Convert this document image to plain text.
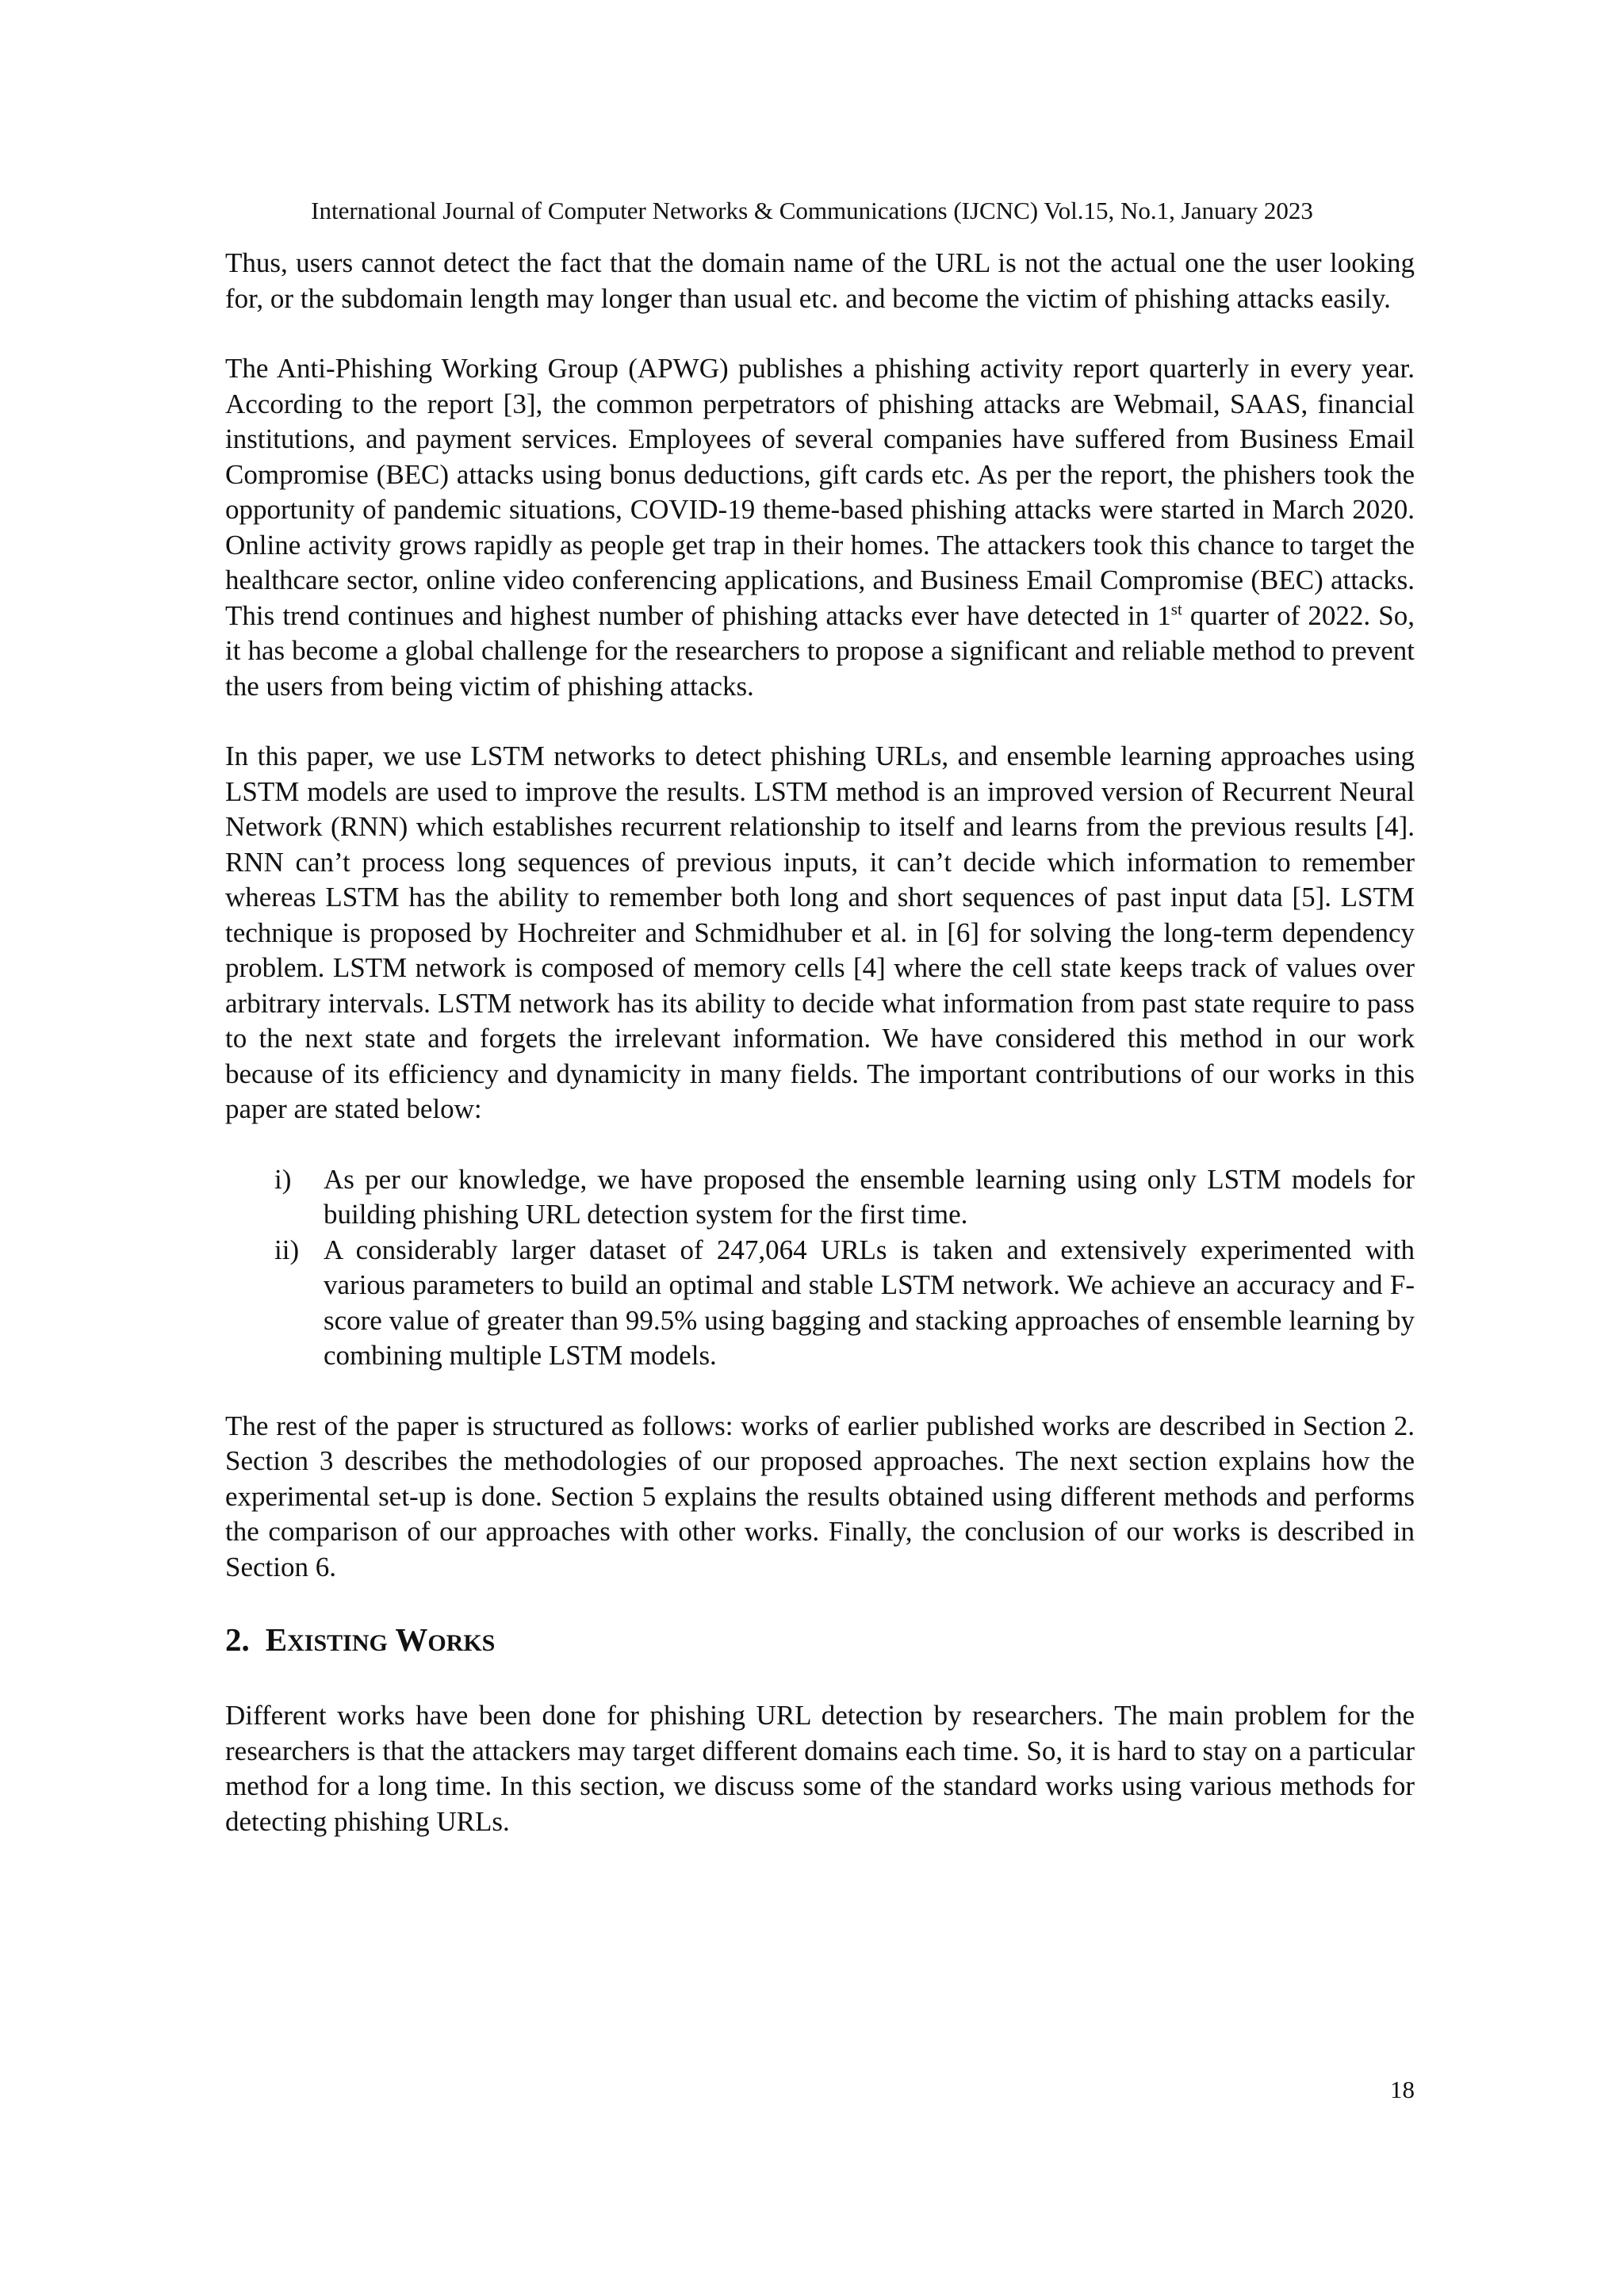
International Journal of Computer Networks & Communications (IJCNC) Vol.15, No.1, January 2023

Thus, users cannot detect the fact that the domain name of the URL is not the actual one the user looking for, or the subdomain length may longer than usual etc. and become the victim of phishing attacks easily.

The Anti-Phishing Working Group (APWG) publishes a phishing activity report quarterly in every year. According to the report [3], the common perpetrators of phishing attacks are Webmail, SAAS, financial institutions, and payment services. Employees of several companies have suffered from Business Email Compromise (BEC) attacks using bonus deductions, gift cards etc. As per the report, the phishers took the opportunity of pandemic situations, COVID-19 theme-based phishing attacks were started in March 2020. Online activity grows rapidly as people get trap in their homes. The attackers took this chance to target the healthcare sector, online video conferencing applications, and Business Email Compromise (BEC) attacks. This trend continues and highest number of phishing attacks ever have detected in 1st quarter of 2022. So, it has become a global challenge for the researchers to propose a significant and reliable method to prevent the users from being victim of phishing attacks.

In this paper, we use LSTM networks to detect phishing URLs, and ensemble learning approaches using LSTM models are used to improve the results. LSTM method is an improved version of Recurrent Neural Network (RNN) which establishes recurrent relationship to itself and learns from the previous results [4]. RNN can’t process long sequences of previous inputs, it can’t decide which information to remember whereas LSTM has the ability to remember both long and short sequences of past input data [5]. LSTM technique is proposed by Hochreiter and Schmidhuber et al. in [6] for solving the long-term dependency problem. LSTM network is composed of memory cells [4] where the cell state keeps track of values over arbitrary intervals. LSTM network has its ability to decide what information from past state require to pass to the next state and forgets the irrelevant information. We have considered this method in our work because of its efficiency and dynamicity in many fields. The important contributions of our works in this paper are stated below:

i)	As per our knowledge, we have proposed the ensemble learning using only LSTM models for building phishing URL detection system for the first time.
ii) A considerably larger dataset of 247,064 URLs is taken and extensively experimented with various parameters to build an optimal and stable LSTM network. We achieve an accuracy and F-score value of greater than 99.5% using bagging and stacking approaches of ensemble learning by combining multiple LSTM models.

The rest of the paper is structured as follows: works of earlier published works are described in Section 2. Section 3 describes the methodologies of our proposed approaches. The next section explains how the experimental set-up is done. Section 5 explains the results obtained using different methods and performs the comparison of our approaches with other works. Finally, the conclusion of our works is described in Section 6.

2. EXISTING WORKS

Different works have been done for phishing URL detection by researchers. The main problem for the researchers is that the attackers may target different domains each time. So, it is hard to stay on a particular method for a long time. In this section, we discuss some of the standard works using various methods for detecting phishing URLs.

18
